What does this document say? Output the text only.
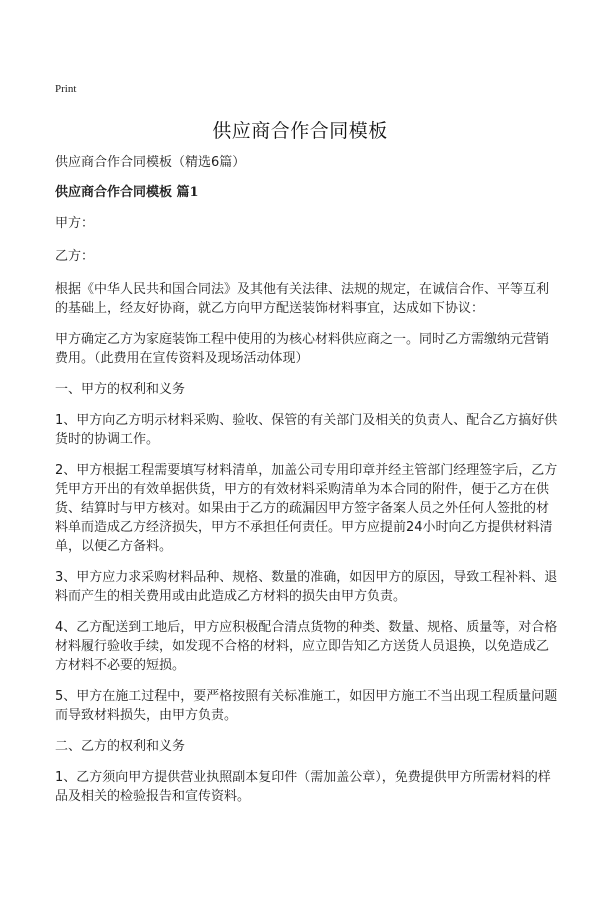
Print
供应商合作合同模板

供应商合作合同模板（精选6篇）

供应商合作合同模板 篇1

甲方：

乙方：

根据《中华人民共和国合同法》及其他有关法律、法规的规定，在诚信合作、平等互利的基础上，经友好协商，就乙方向甲方配送装饰材料事宜，达成如下协议：

甲方确定乙方为家庭装饰工程中使用的为核心材料供应商之一。同时乙方需缴纳元营销费用。（此费用在宣传资料及现场活动体现）

一、甲方的权利和义务

1、甲方向乙方明示材料采购、验收、保管的有关部门及相关的负责人、配合乙方搞好供货时的协调工作。

2、甲方根据工程需要填写材料清单，加盖公司专用印章并经主管部门经理签字后，乙方凭甲方开出的有效单据供货，甲方的有效材料采购清单为本合同的附件，便于乙方在供货、结算时与甲方核对。如果由于乙方的疏漏因甲方签字备案人员之外任何人签批的材料单而造成乙方经济损失，甲方不承担任何责任。甲方应提前24小时向乙方提供材料清单，以便乙方备料。

3、甲方应力求采购材料品种、规格、数量的准确，如因甲方的原因，导致工程补料、退料而产生的相关费用或由此造成乙方材料的损失由甲方负责。

4、乙方配送到工地后，甲方应积极配合清点货物的种类、数量、规格、质量等，对合格材料履行验收手续，如发现不合格的材料，应立即告知乙方送货人员退换，以免造成乙方材料不必要的短损。

5、甲方在施工过程中，要严格按照有关标准施工，如因甲方施工不当出现工程质量问题而导致材料损失，由甲方负责。

二、乙方的权利和义务

1、乙方须向甲方提供营业执照副本复印件（需加盖公章），免费提供甲方所需材料的样品及相关的检验报告和宣传资料。
